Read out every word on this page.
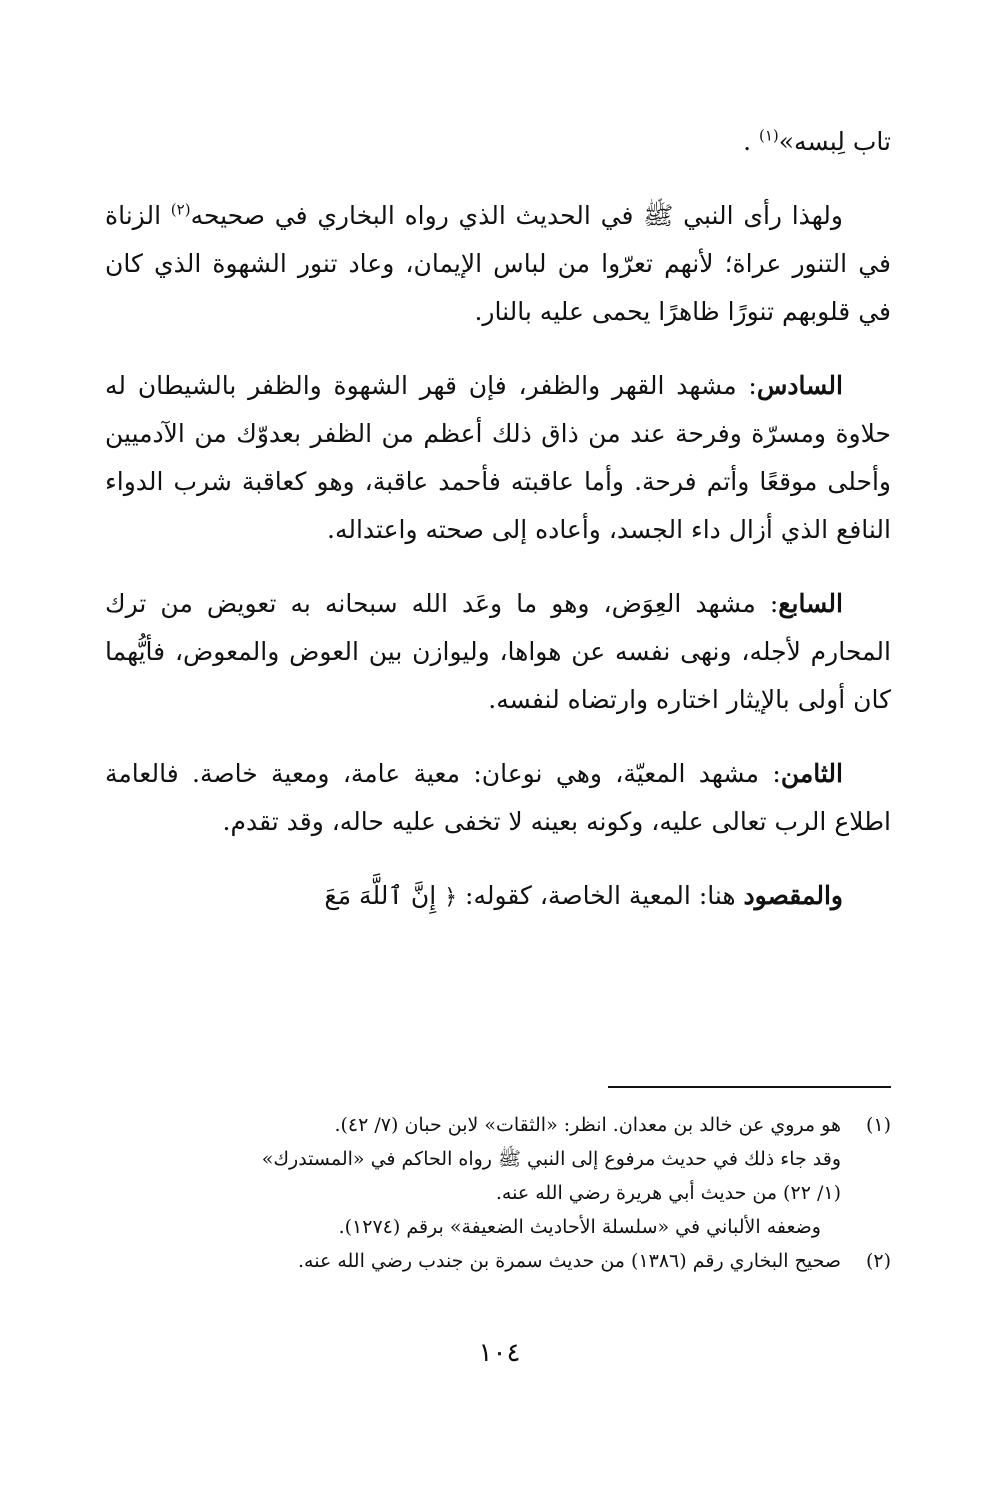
تاب لِبسه»$^{(١)}$ .

ولهذا رأى النبي ﷺ في الحديث الذي رواه البخاري في صحيحه$^{(٢)}$ الزناة في التنور عراة؛ لأنهم تعرّوا من لباس الإيمان، وعاد تنور الشهوة الذي كان في قلوبهم تنورًا ظاهرًا يحمى عليه بالنار.

السادس: مشهد القهر والظفر، فإن قهر الشهوة والظفر بالشيطان له حلاوة ومسرّة وفرحة عند من ذاق ذلك أعظم من الظفر بعدوّك من الآدميين وأحلى موقعًا وأتم فرحة. وأما عاقبته فأحمد عاقبة، وهو كعاقبة شرب الدواء النافع الذي أزال داء الجسد، وأعاده إلى صحته واعتداله.

السابع: مشهد العِوَض، وهو ما وعَد الله سبحانه به تعويض من ترك المحارم لأجله، ونهى نفسه عن هواها، وليوازن بين العوض والمعوض، فأيُّهما كان أولى بالإيثار اختاره وارتضاه لنفسه.

الثامن: مشهد المعيّة، وهي نوعان: معية عامة، ومعية خاصة. فالعامة اطلاع الرب تعالى عليه، وكونه بعينه لا تخفى عليه حاله، وقد تقدم.

والمقصود هنا: المعية الخاصة، كقوله: ﴿ إِنَّ ٱللَّهَ مَعَ

(١)
هو مروي عن خالد بن معدان. انظر: «الثقات» لابن حبان (٧/ ٤٢).
وقد جاء ذلك في حديث مرفوع إلى النبي ﷺ رواه الحاكم في «المستدرك»
(١/ ٢٢) من حديث أبي هريرة رضي الله عنه.
وضعفه الألباني في «سلسلة الأحاديث الضعيفة» برقم (١٢٧٤).
(٢)
صحيح البخاري رقم (١٣٨٦) من حديث سمرة بن جندب رضي الله عنه.
١٠٤
